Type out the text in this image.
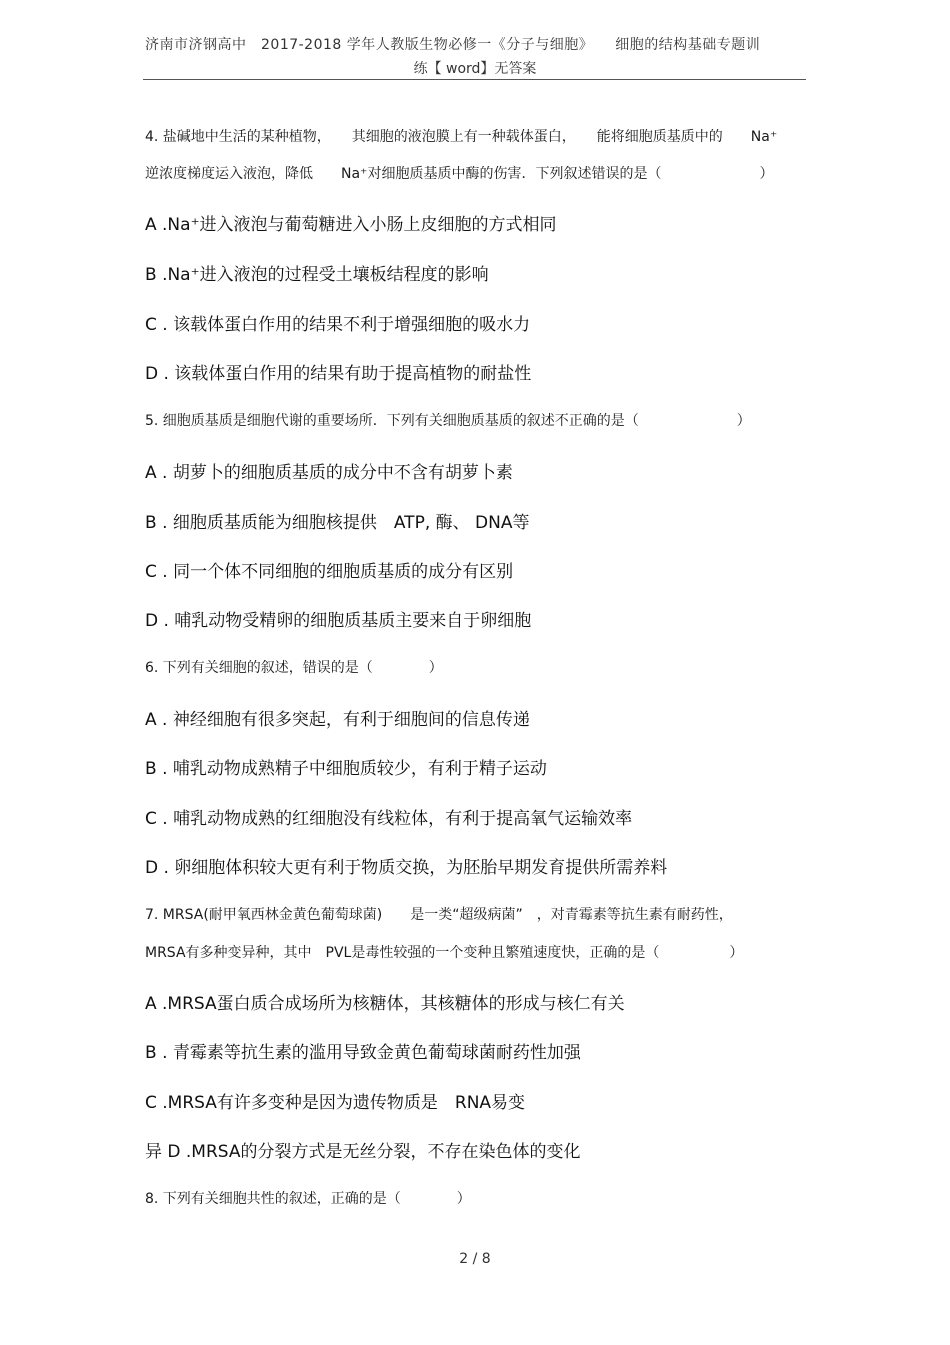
济南市济钢高中　2017-2018 学年人教版生物必修一《分子与细胞》　　细胞的结构基础专题训
练【 word】无答案
4. 盐碱地中生活的某种植物，　　其细胞的液泡膜上有一种载体蛋白，　　能将细胞质基质中的　　Na⁺
逆浓度梯度运入液泡，降低　　Na⁺对细胞质基质中酶的伤害．下列叙述错误的是（　　　　　　　）
A .Na⁺进入液泡与葡萄糖进入小肠上皮细胞的方式相同
B .Na⁺进入液泡的过程受土壤板结程度的影响
C . 该载体蛋白作用的结果不利于增强细胞的吸水力
D . 该载体蛋白作用的结果有助于提高植物的耐盐性
5. 细胞质基质是细胞代谢的重要场所．下列有关细胞质基质的叙述不正确的是（　　　　　　　）
A . 胡萝卜的细胞质基质的成分中不含有胡萝卜素
B . 细胞质基质能为细胞核提供　ATP, 酶、 DNA等
C . 同一个体不同细胞的细胞质基质的成分有区别
D . 哺乳动物受精卵的细胞质基质主要来自于卵细胞
6. 下列有关细胞的叙述，错误的是（　　　　）
A . 神经细胞有很多突起，有利于细胞间的信息传递
B . 哺乳动物成熟精子中细胞质较少，有利于精子运动
C . 哺乳动物成熟的红细胞没有线粒体，有利于提高氧气运输效率
D . 卵细胞体积较大更有利于物质交换，为胚胎早期发育提供所需养料
7. MRSA(耐甲氧西林金黄色葡萄球菌)　　是一类“超级病菌”　，对青霉素等抗生素有耐药性，
MRSA有多种变异种，其中　PVL是毒性较强的一个变种且繁殖速度快，正确的是（　　　　　）
A .MRSA蛋白质合成场所为核糖体，其核糖体的形成与核仁有关
B . 青霉素等抗生素的滥用导致金黄色葡萄球菌耐药性加强
C .MRSA有许多变种是因为遗传物质是　RNA易变
异 D .MRSA的分裂方式是无丝分裂，不存在染色体的变化
8. 下列有关细胞共性的叙述，正确的是（　　　　）
2 / 8
